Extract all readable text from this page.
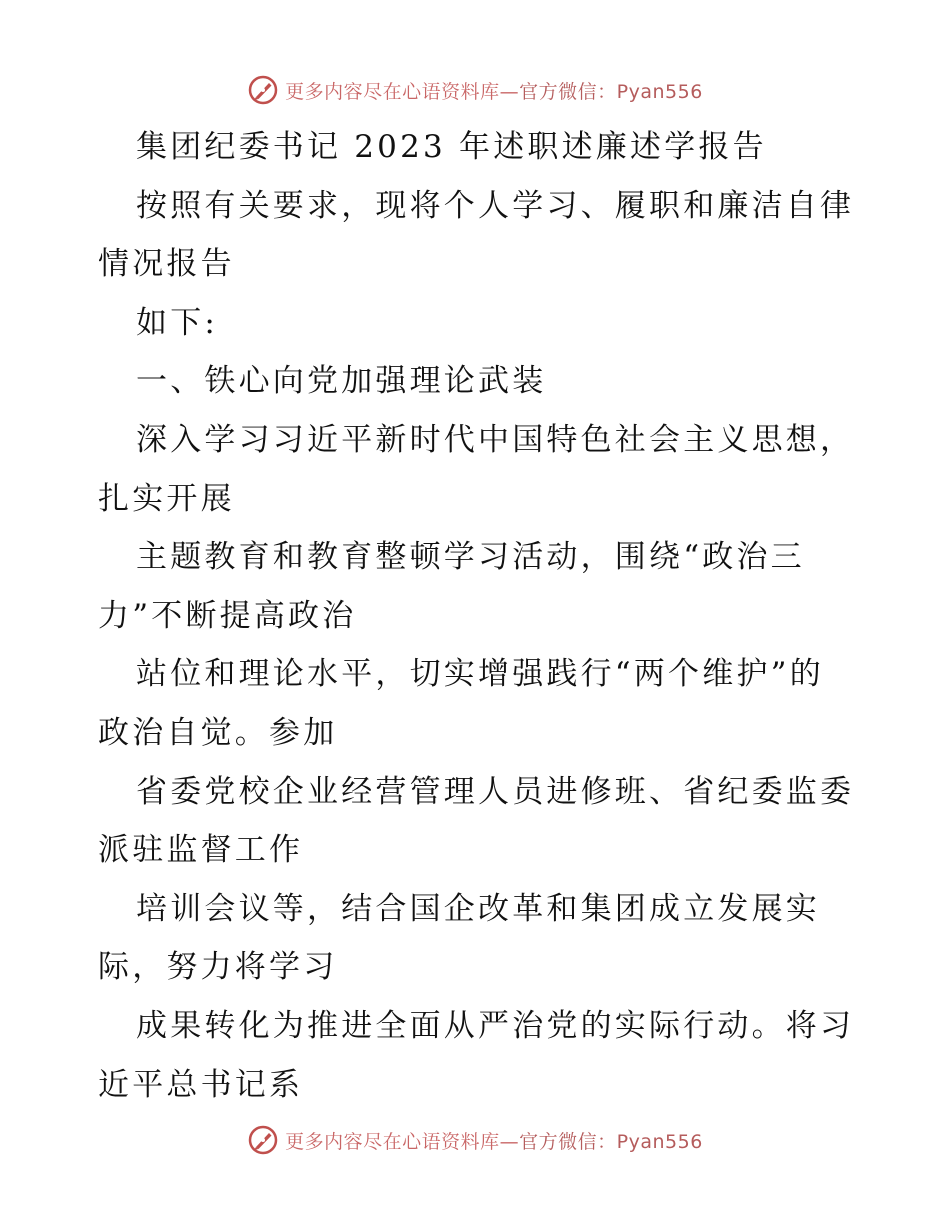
更多内容尽在心语资料库—官方微信：Pyan556
集团纪委书记 2023 年述职述廉述学报告
按照有关要求，现将个人学习、履职和廉洁自律
情况报告
如下:
一、铁心向党加强理论武装
深入学习习近平新时代中国特色社会主义思想，
扎实开展
主题教育和教育整顿学习活动，围绕“政治三
力”不断提高政治
站位和理论水平，切实增强践行“两个维护”的
政治自觉。参加
省委党校企业经营管理人员进修班、省纪委监委
派驻监督工作
培训会议等，结合国企改革和集团成立发展实
际，努力将学习
成果转化为推进全面从严治党的实际行动。将习
近平总书记系
更多内容尽在心语资料库—官方微信：Pyan556
